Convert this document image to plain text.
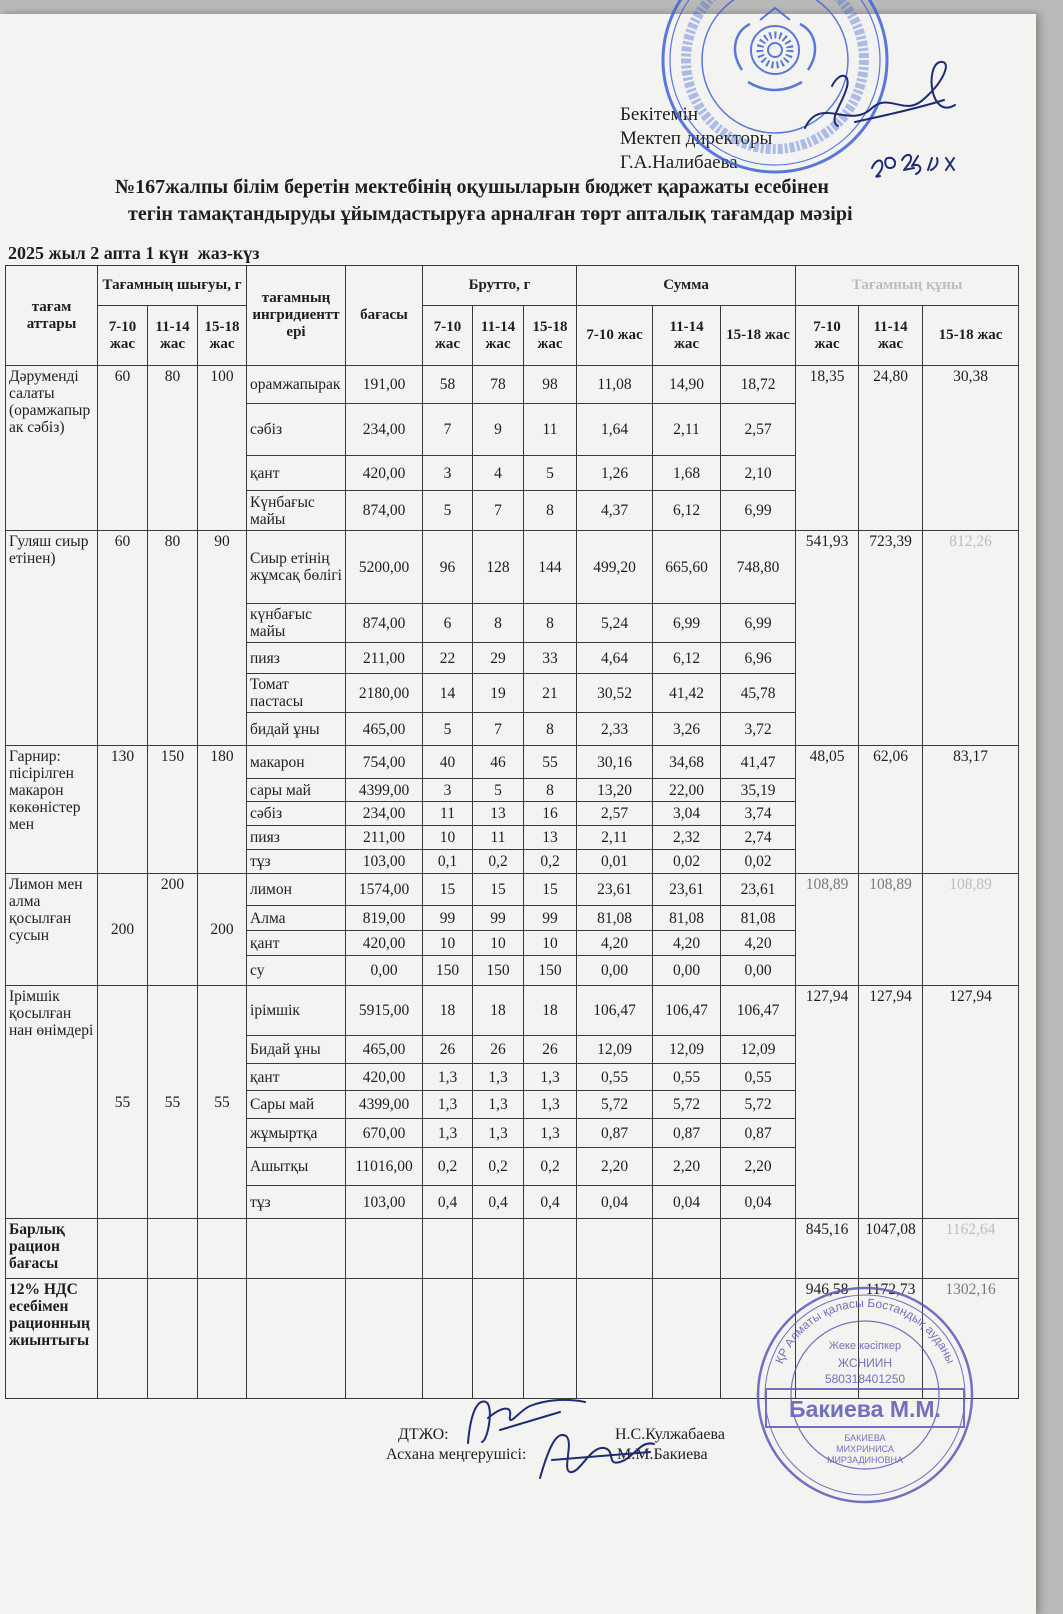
Бекітемін
Мектеп директоры
Г.А.Налибаева
№167жалпы білім беретін мектебінің оқушыларын бюджет қаражаты есебінен
тегін тамақтандыруды ұйымдастыруға арналған төрт апталық тағамдар мәзірі
2025 жыл 2 апта 1 күн  жаз-күз
тағам аттары	Тағамның шығуы, г			тағамның ингридиенттері	бағасы	Брутто, г			Сумма			Тағамның құны		
	7-10 жас	11-14 жас	15-18 жас			7-10 жас	11-14 жас	15-18 жас	7-10 жас	11-14 жас	15-18 жас	7-10 жас	11-14 жас	15-18 жас
Дәруменді салаты (орамжапырак сәбіз)	60	80	100	орамжапырак	191,00	58	78	98	11,08	14,90	18,72	18,35	24,80	30,38
				сәбіз	234,00	7	9	11	1,64	2,11	2,57			
				қант	420,00	3	4	5	1,26	1,68	2,10			
				Күнбағыс майы	874,00	5	7	8	4,37	6,12	6,99			
Гуляш сиыр етінен)	60	80	90	Сиыр етінің жұмсақ бөлігі	5200,00	96	128	144	499,20	665,60	748,80	541,93	723,39	812,26
				күнбағыс майы	874,00	6	8	8	5,24	6,99	6,99			
				пияз	211,00	22	29	33	4,64	6,12	6,96			
				Томат пастасы	2180,00	14	19	21	30,52	41,42	45,78			
				бидай ұны	465,00	5	7	8	2,33	3,26	3,72			
Гарнир: пісірілген макарон көкөністер мен	130	150	180	макарон	754,00	40	46	55	30,16	34,68	41,47	48,05	62,06	83,17
				сары май	4399,00	3	5	8	13,20	22,00	35,19			
				сәбіз	234,00	11	13	16	2,57	3,04	3,74			
				пияз	211,00	10	11	13	2,11	2,32	2,74			
				тұз	103,00	0,1	0,2	0,2	0,01	0,02	0,02			
Лимон мен алма қосылған сусын	200	200	200	лимон	1574,00	15	15	15	23,61	23,61	23,61	108,89	108,89	108,89
				Алма	819,00	99	99	99	81,08	81,08	81,08			
				қант	420,00	10	10	10	4,20	4,20	4,20			
				су	0,00	150	150	150	0,00	0,00	0,00			
Ірімшік қосылған нан өнімдері	55	55	55	ірімшік	5915,00	18	18	18	106,47	106,47	106,47	127,94	127,94	127,94
				Бидай ұны	465,00	26	26	26	12,09	12,09	12,09			
				қант	420,00	1,3	1,3	1,3	0,55	0,55	0,55			
				Сары май	4399,00	1,3	1,3	1,3	5,72	5,72	5,72			
				жұмыртқа	670,00	1,3	1,3	1,3	0,87	0,87	0,87			
				Ашытқы	11016,00	0,2	0,2	0,2	2,20	2,20	2,20			
				тұз	103,00	0,4	0,4	0,4	0,04	0,04	0,04			
Барлық рацион бағасы												845,16	1047,08	1162,64
12% НДС есебімен рационның жиынтығы												946,58	1172,73	1302,16
ДТЖО:	Н.С.Кулжабаева
Асхана меңгерушісі:	М.М.Бакиева
ҚР Алматы қаласы Бостандық ауданы
Жеке кәсіпкер
ЖСНИИН
580318401250
Бакиева М.М.
БАКИЕВА
МИХРИНИСА
МИРЗАДИНОВНА
